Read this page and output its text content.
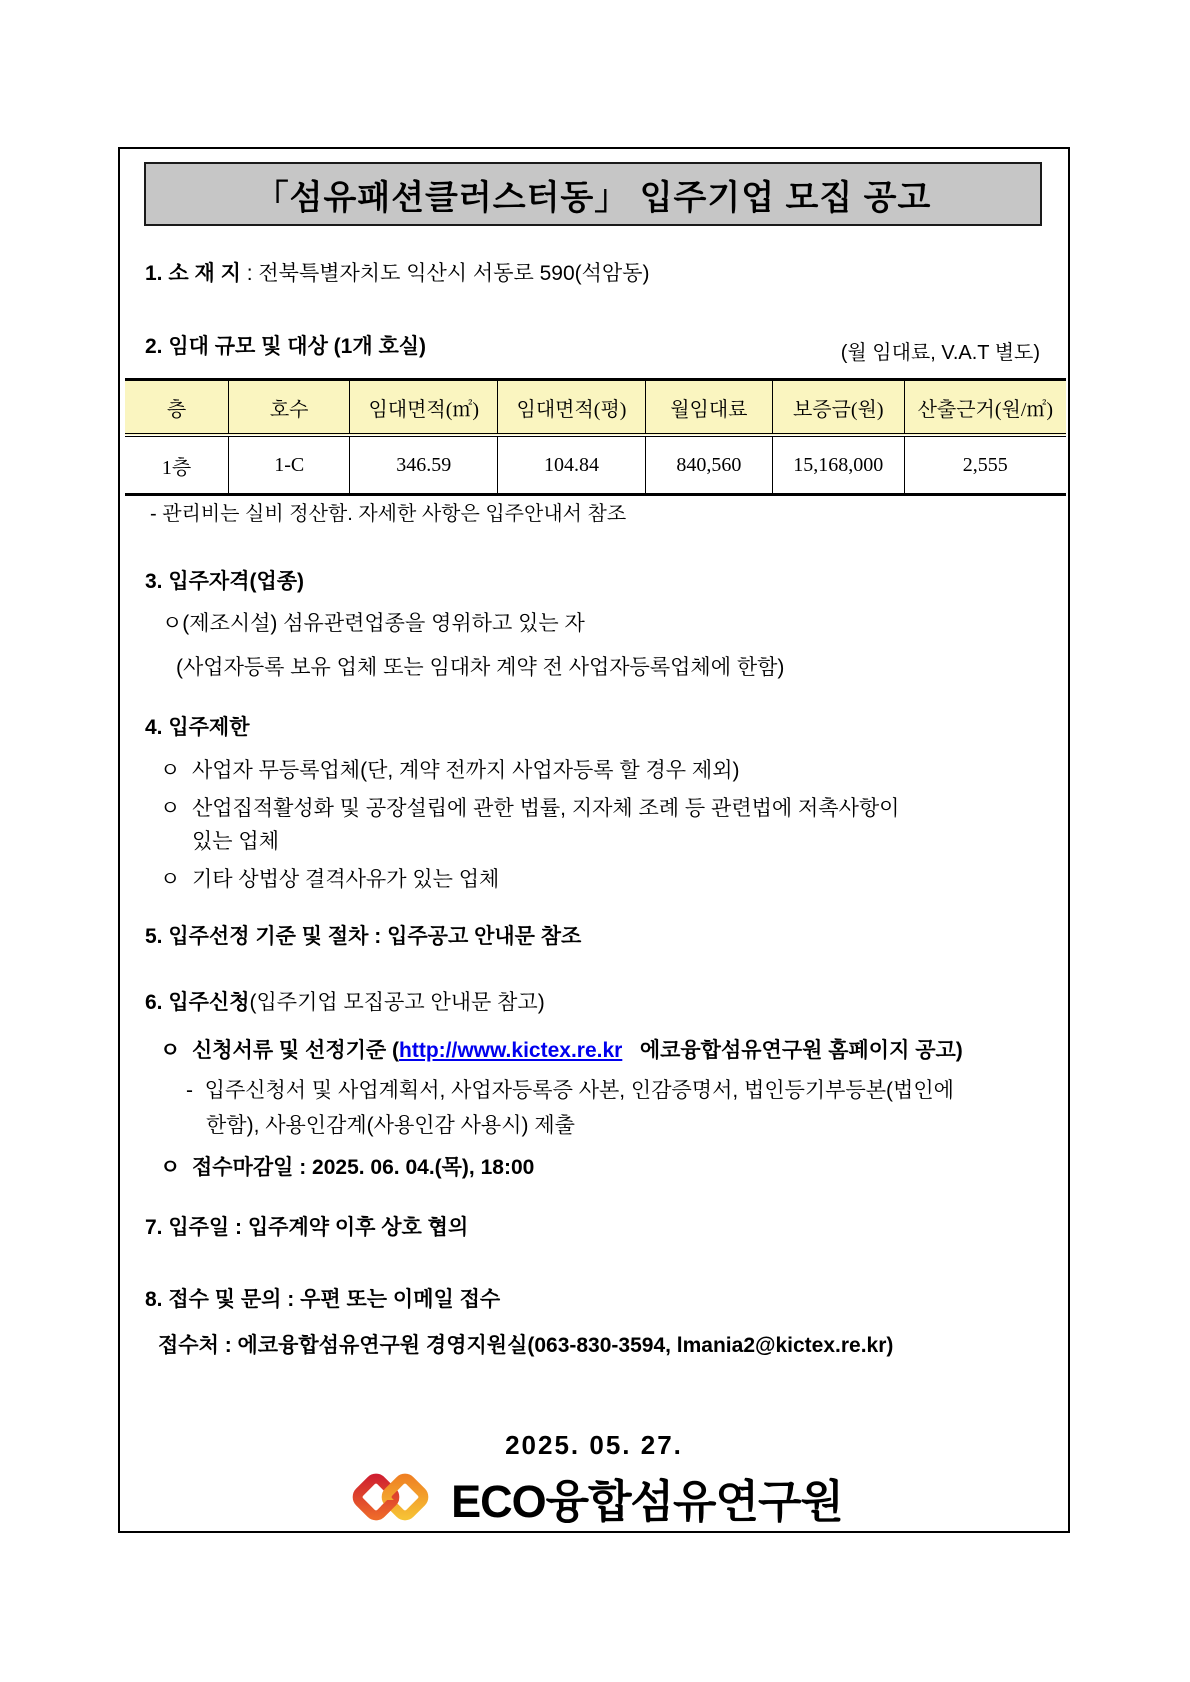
「섬유패션클러스터동」 입주기업 모집 공고
1. 소 재 지 : 전북특별자치도 익산시 서동로 590(석암동)
2. 임대 규모 및 대상 (1개 호실)	(월 임대료, V.A.T 별도)
층	호수	임대면적(㎡)	임대면적(평)	월임대료	보증금(원)	산출근거(원/㎡)
1층	1-C	346.59	104.84	840,560	15,168,000	2,555
- 관리비는 실비 정산함. 자세한 사항은 입주안내서 참조
3. 입주자격(업종)
ㅇ(제조시설) 섬유관련업종을 영위하고 있는 자
(사업자등록 보유 업체 또는 임대차 계약 전 사업자등록업체에 한함)
4. 입주제한
ㅇ  사업자 무등록업체(단, 계약 전까지 사업자등록 할 경우 제외)
ㅇ  산업집적활성화 및 공장설립에 관한 법률, 지자체 조례 등 관련법에 저촉사항이
있는 업체
ㅇ  기타 상법상 결격사유가 있는 업체
5. 입주선정 기준 및 절차 : 입주공고 안내문 참조
6. 입주신청(입주기업 모집공고 안내문 참고)
ㅇ  신청서류 및 선정기준 (http://www.kictex.re.kr   에코융합섬유연구원 홈페이지 공고)
-  입주신청서 및 사업계획서, 사업자등록증 사본, 인감증명서, 법인등기부등본(법인에
한함), 사용인감계(사용인감 사용시) 제출
ㅇ  접수마감일 : 2025. 06. 04.(목), 18:00
7. 입주일 : 입주계약 이후 상호 협의
8. 접수 및 문의 : 우편 또는 이메일 접수
접수처 : 에코융합섬유연구원 경영지원실(063-830-3594, lmania2@kictex.re.kr)
2025. 05. 27.
ECO융합섬유연구원
